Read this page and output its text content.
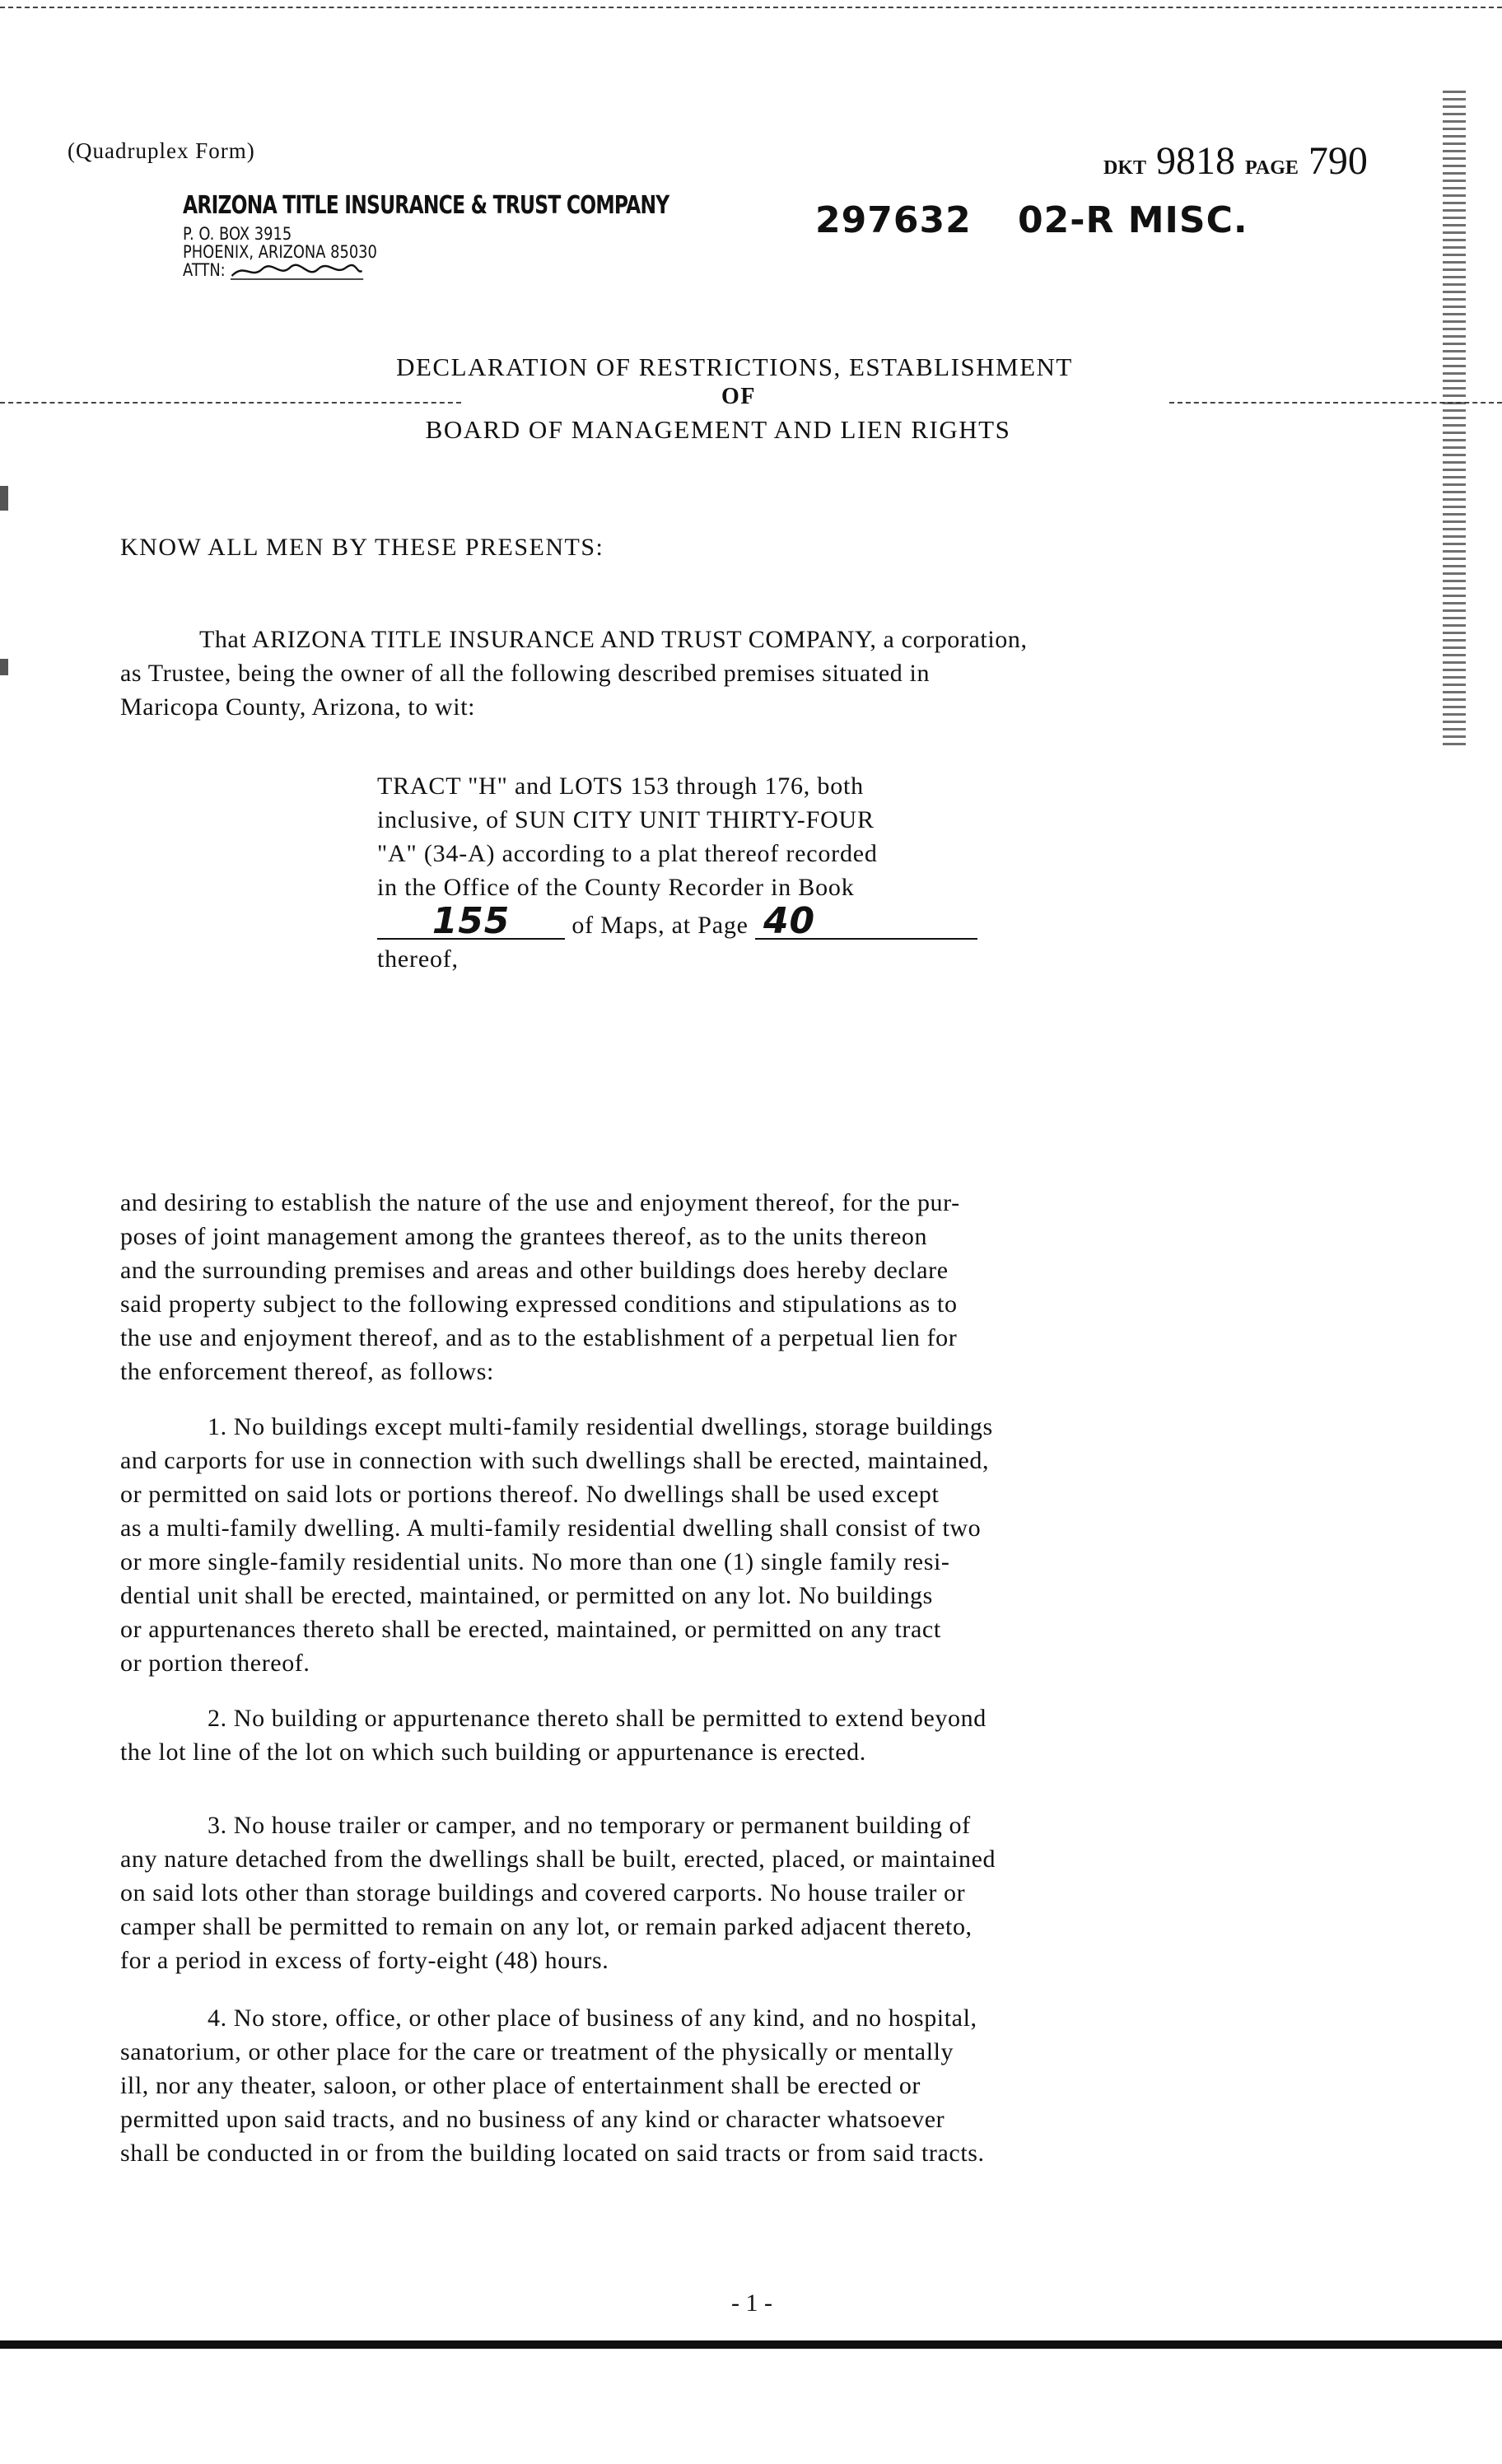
(Quadruplex Form)
ARIZONA TITLE INSURANCE & TRUST COMPANY
P. O. BOX 3915
PHOENIX, ARIZONA 85030
ATTN:
DKT 9818 PAGE 790
297632 02-R MISC.
DECLARATION OF RESTRICTIONS, ESTABLISHMENT
OF
BOARD OF MANAGEMENT AND LIEN RIGHTS
KNOW ALL MEN BY THESE PRESENTS:
That ARIZONA TITLE INSURANCE AND TRUST COMPANY, a corporation,
as Trustee, being the owner of all the following described premises situated in
Maricopa County, Arizona, to wit:
TRACT "H" and LOTS 153 through 176, both
inclusive, of SUN CITY UNIT THIRTY-FOUR
"A" (34-A) according to a plat thereof recorded
in the Office of the County Recorder in Book
155	of Maps, at Page 40
thereof,
and desiring to establish the nature of the use and enjoyment thereof, for the pur-
poses of joint management among the grantees thereof, as to the units thereon
and the surrounding premises and areas and other buildings does hereby declare
said property subject to the following expressed conditions and stipulations as to
the use and enjoyment thereof, and as to the establishment of a perpetual lien for
the enforcement thereof, as follows:
1. No buildings except multi-family residential dwellings, storage buildings
and carports for use in connection with such dwellings shall be erected, maintained,
or permitted on said lots or portions thereof. No dwellings shall be used except
as a multi-family dwelling. A multi-family residential dwelling shall consist of two
or more single-family residential units. No more than one (1) single family resi-
dential unit shall be erected, maintained, or permitted on any lot. No buildings
or appurtenances thereto shall be erected, maintained, or permitted on any tract
or portion thereof.
2. No building or appurtenance thereto shall be permitted to extend beyond
the lot line of the lot on which such building or appurtenance is erected.
3. No house trailer or camper, and no temporary or permanent building of
any nature detached from the dwellings shall be built, erected, placed, or maintained
on said lots other than storage buildings and covered carports. No house trailer or
camper shall be permitted to remain on any lot, or remain parked adjacent thereto,
for a period in excess of forty-eight (48) hours.
4. No store, office, or other place of business of any kind, and no hospital,
sanatorium, or other place for the care or treatment of the physically or mentally
ill, nor any theater, saloon, or other place of entertainment shall be erected or
permitted upon said tracts, and no business of any kind or character whatsoever
shall be conducted in or from the building located on said tracts or from said tracts.
- 1 -
